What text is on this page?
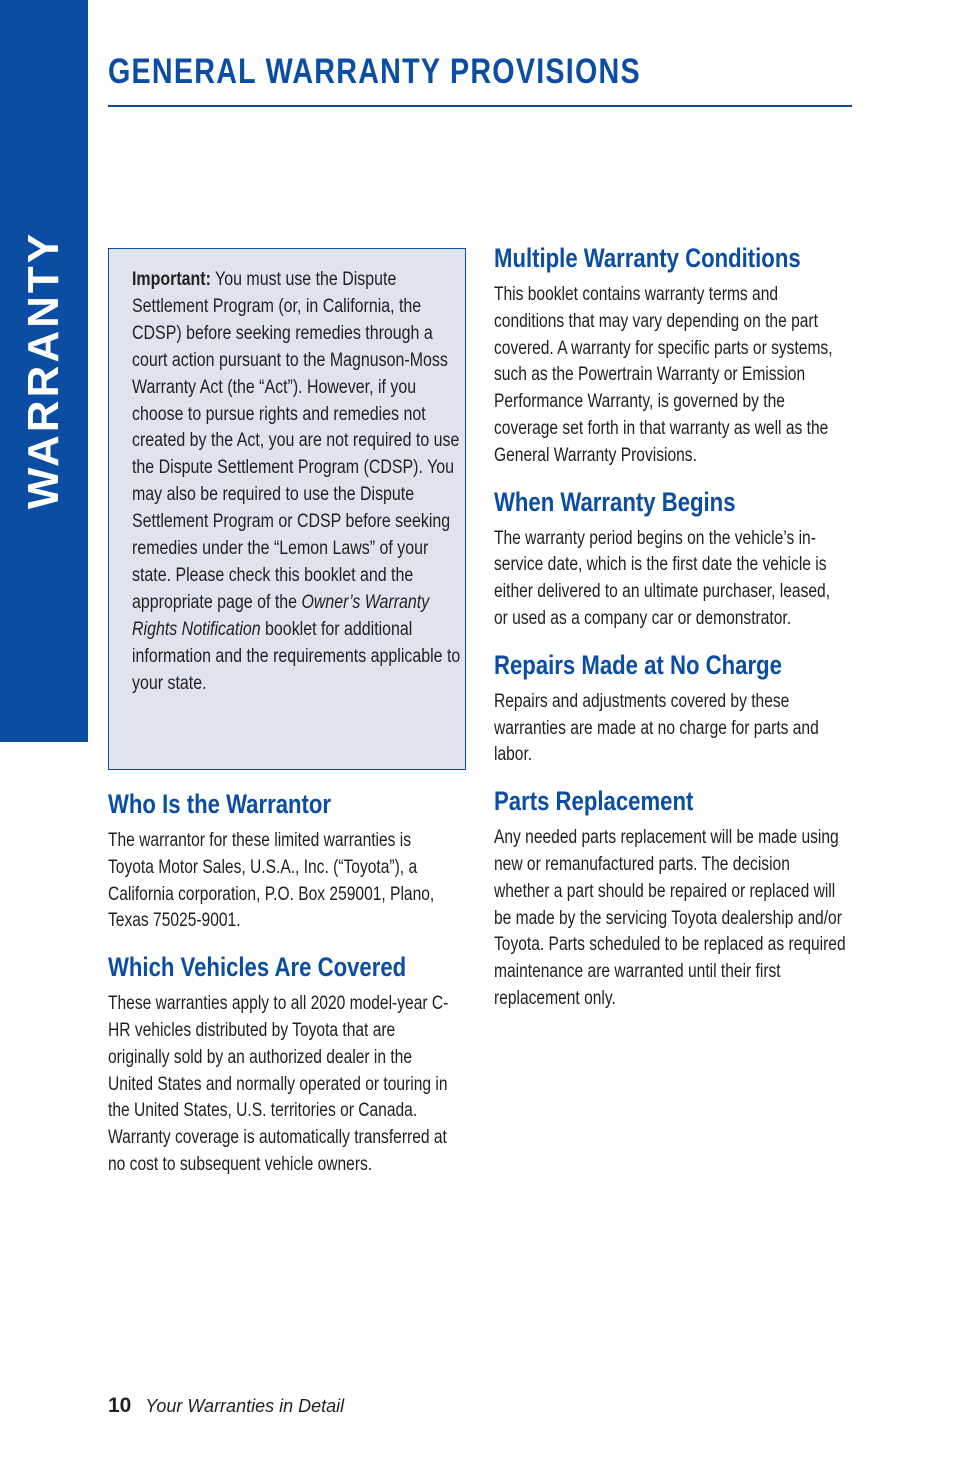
WARRANTY
GENERAL WARRANTY PROVISIONS
Important: You must use the Dispute Settlement Program (or, in California, the CDSP) before seeking remedies through a court action pursuant to the Magnuson-Moss Warranty Act (the “Act”). However, if you choose to pursue rights and remedies not created by the Act, you are not required to use the Dispute Settlement Program (CDSP). You may also be required to use the Dispute Settlement Program or CDSP before seeking remedies under the “Lemon Laws” of your state. Please check this booklet and the appropriate page of the Owner’s Warranty Rights Notification booklet for additional information and the requirements applicable to your state.
Who Is the Warrantor

The warrantor for these limited warranties is Toyota Motor Sales, U.S.A., Inc. (“Toyota”), a California corporation, P.O. Box 259001, Plano, Texas 75025-9001.

Which Vehicles Are Covered

These warranties apply to all 2020 model-year C-HR vehicles distributed by Toyota that are originally sold by an authorized dealer in the United States and normally operated or touring in the United States, U.S. territories or Canada. Warranty coverage is automatically transferred at no cost to subsequent vehicle owners.

Multiple Warranty Conditions

This booklet contains warranty terms and conditions that may vary depending on the part covered. A warranty for specific parts or systems, such as the Powertrain Warranty or Emission Performance Warranty, is governed by the coverage set forth in that warranty as well as the General Warranty Provisions.

When Warranty Begins

The warranty period begins on the vehicle’s in-service date, which is the first date the vehicle is either delivered to an ultimate purchaser, leased, or used as a company car or demonstrator.

Repairs Made at No Charge

Repairs and adjustments covered by these warranties are made at no charge for parts and labor.

Parts Replacement

Any needed parts replacement will be made using new or remanufactured parts. The decision whether a part should be repaired or replaced will be made by the servicing Toyota dealership and/or Toyota. Parts scheduled to be replaced as required maintenance are warranted until their first replacement only.

10 Your Warranties in Detail
